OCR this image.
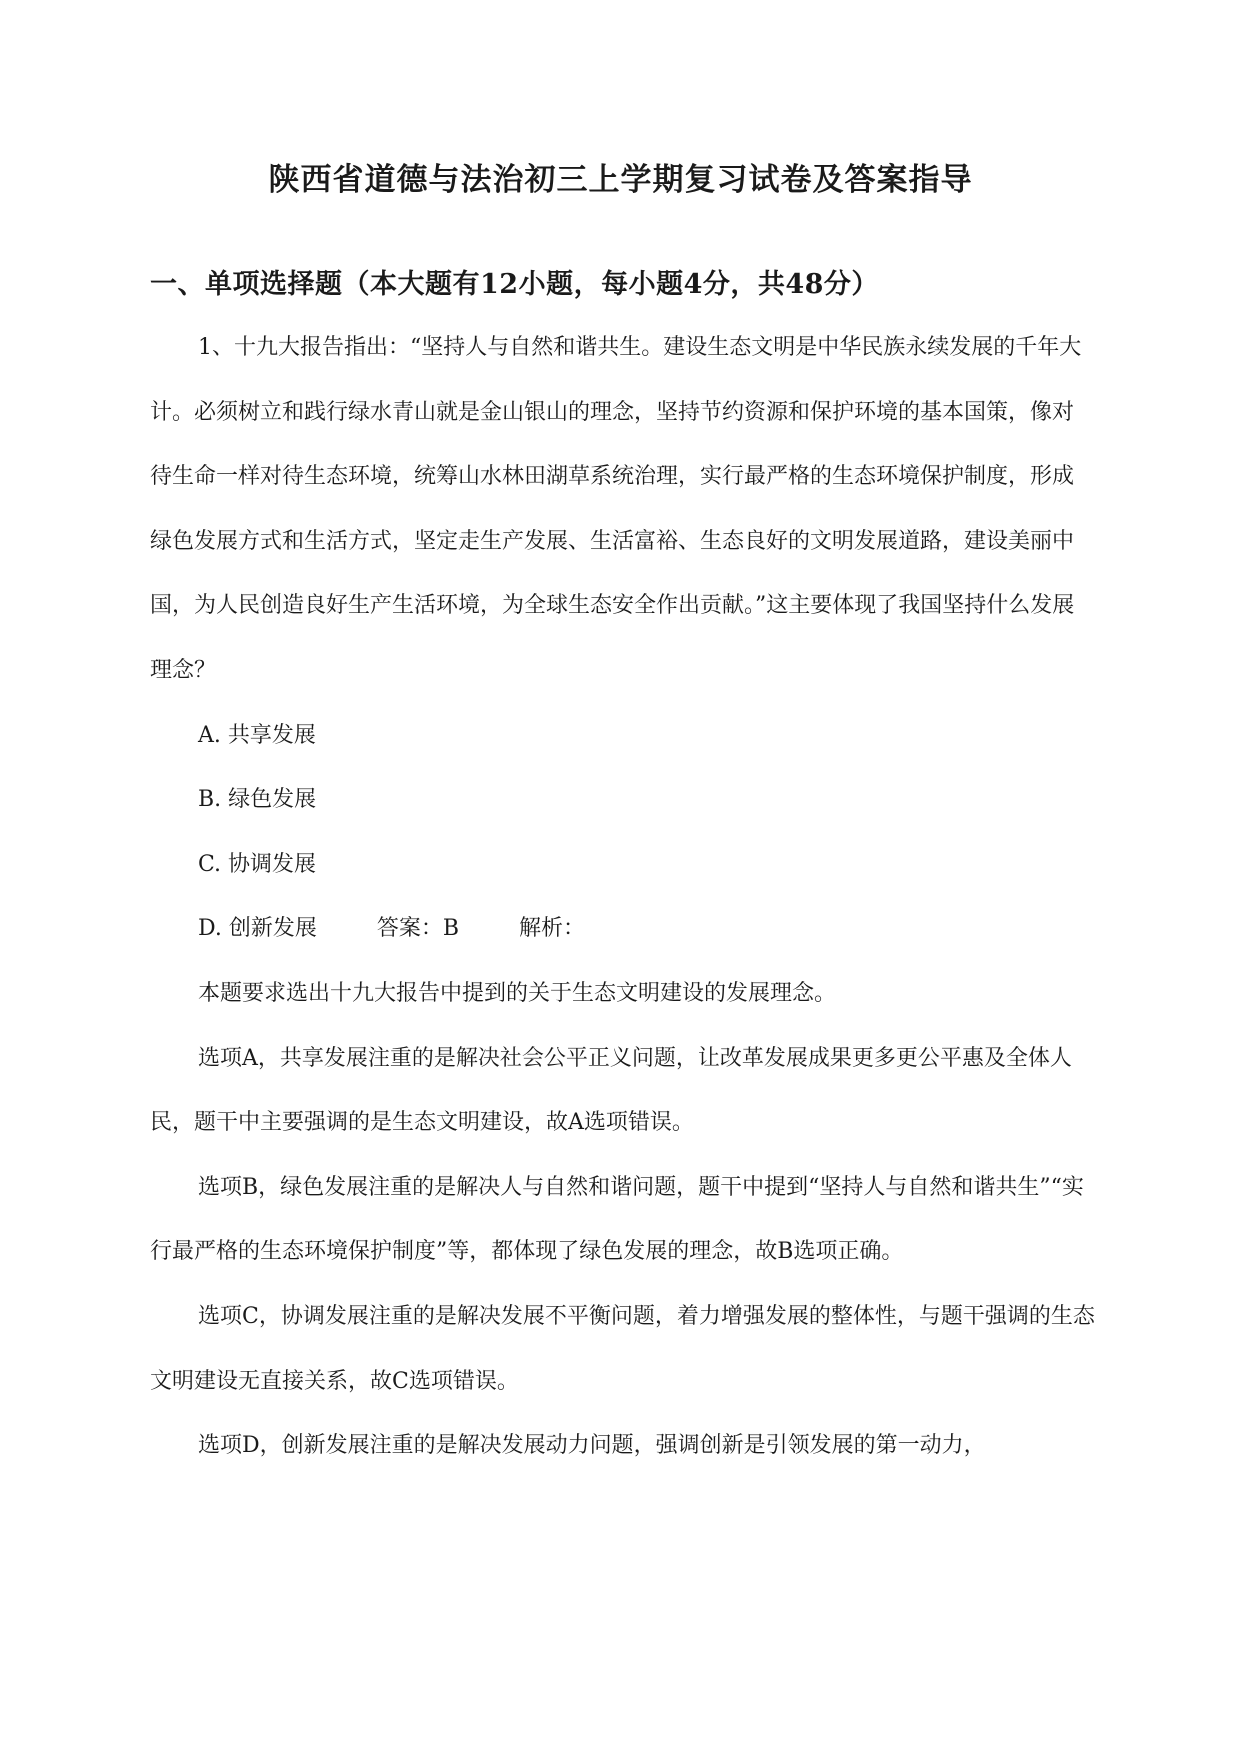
陕西省道德与法治初三上学期复习试卷及答案指导
一、单项选择题（本大题有12小题，每小题4分，共48分）

1、十九大报告指出：“坚持人与自然和谐共生。建设生态文明是中华民族永续发展的千年大计。必须树立和践行绿水青山就是金山银山的理念，坚持节约资源和保护环境的基本国策，像对待生命一样对待生态环境，统筹山水林田湖草系统治理，实行最严格的生态环境保护制度，形成绿色发展方式和生活方式，坚定走生产发展、生活富裕、生态良好的文明发展道路，建设美丽中国，为人民创造良好生产生活环境，为全球生态安全作出贡献。”这主要体现了我国坚持什么发展理念？

A. 共享发展

B. 绿色发展

C. 协调发展

D. 创新发展	答案：B	解析：

本题要求选出十九大报告中提到的关于生态文明建设的发展理念。

选项A，共享发展注重的是解决社会公平正义问题，让改革发展成果更多更公平惠及全体人民，题干中主要强调的是生态文明建设，故A选项错误。

选项B，绿色发展注重的是解决人与自然和谐问题，题干中提到“坚持人与自然和谐共生”“实行最严格的生态环境保护制度”等，都体现了绿色发展的理念，故B选项正确。

选项C，协调发展注重的是解决发展不平衡问题，着力增强发展的整体性，与题干强调的生态文明建设无直接关系，故C选项错误。

选项D，创新发展注重的是解决发展动力问题，强调创新是引领发展的第一动力，
